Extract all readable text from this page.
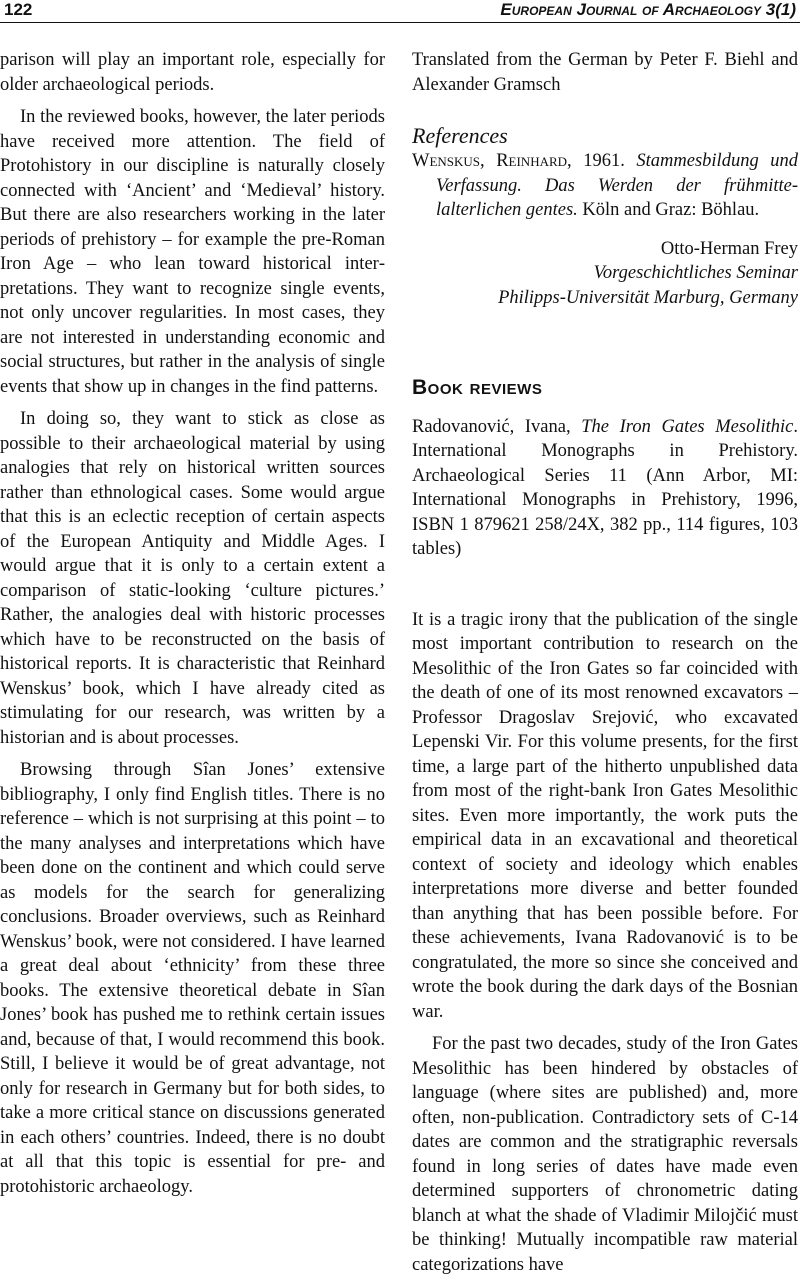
122	European Journal of Archaeology 3(1)

parison will play an important role, especially for older archaeological periods.

In the reviewed books, however, the later periods have received more attention. The field of Protohistory in our discipline is naturally closely connected with ‘Ancient’ and ‘Medieval’ history. But there are also researchers working in the later periods of prehistory – for example the pre-Roman Iron Age – who lean toward historical interpretations. They want to recognize single events, not only uncover regularities. In most cases, they are not interested in understanding economic and social structures, but rather in the analysis of single events that show up in changes in the find patterns.

In doing so, they want to stick as close as possible to their archaeological material by using analogies that rely on historical written sources rather than ethnological cases. Some would argue that this is an eclectic reception of certain aspects of the European Antiquity and Middle Ages. I would argue that it is only to a certain extent a comparison of static-looking ‘culture pictures.’ Rather, the analogies deal with historic processes which have to be reconstructed on the basis of historical reports. It is characteristic that Reinhard Wenskus’ book, which I have already cited as stimulating for our research, was written by a historian and is about processes.

Browsing through Sîan Jones’ extensive bibliography, I only find English titles. There is no reference – which is not surprising at this point – to the many analyses and interpretations which have been done on the continent and which could serve as models for the search for generalizing conclusions. Broader overviews, such as Reinhard Wenskus’ book, were not considered. I have learned a great deal about ‘ethnicity’ from these three books. The extensive theoretical debate in Sîan Jones’ book has pushed me to rethink certain issues and, because of that, I would recommend this book. Still, I believe it would be of great advantage, not only for research in Germany but for both sides, to take a more critical stance on discussions generated in each others’ countries. Indeed, there is no doubt at all that this topic is essential for pre- and protohistoric archaeology.

Translated from the German by Peter F. Biehl and Alexander Gramsch

References

Wenskus, Reinhard, 1961. Stammesbildung und Verfassung. Das Werden der frühmittelalterlichen gentes. Köln and Graz: Böhlau.

Otto-Herman Frey
Vorgeschichtliches Seminar
Philipps-Universität Marburg, Germany

Book reviews

Radovanović, Ivana, The Iron Gates Mesolithic. International Monographs in Prehistory. Archaeological Series 11 (Ann Arbor, MI: International Monographs in Prehistory, 1996, ISBN 1 879621 258/24X, 382 pp., 114 figures, 103 tables)

It is a tragic irony that the publication of the single most important contribution to research on the Mesolithic of the Iron Gates so far coincided with the death of one of its most renowned excavators – Professor Dragoslav Srejović, who excavated Lepenski Vir. For this volume presents, for the first time, a large part of the hitherto unpublished data from most of the right-bank Iron Gates Mesolithic sites. Even more importantly, the work puts the empirical data in an excavational and theoretical context of society and ideology which enables interpretations more diverse and better founded than anything that has been possible before. For these achievements, Ivana Radovanović is to be congratulated, the more so since she conceived and wrote the book during the dark days of the Bosnian war.

For the past two decades, study of the Iron Gates Mesolithic has been hindered by obstacles of language (where sites are published) and, more often, non-publication. Contradictory sets of C-14 dates are common and the stratigraphic reversals found in long series of dates have made even determined supporters of chronometric dating blanch at what the shade of Vladimir Milojčić must be thinking! Mutually incompatible raw material categorizations have
